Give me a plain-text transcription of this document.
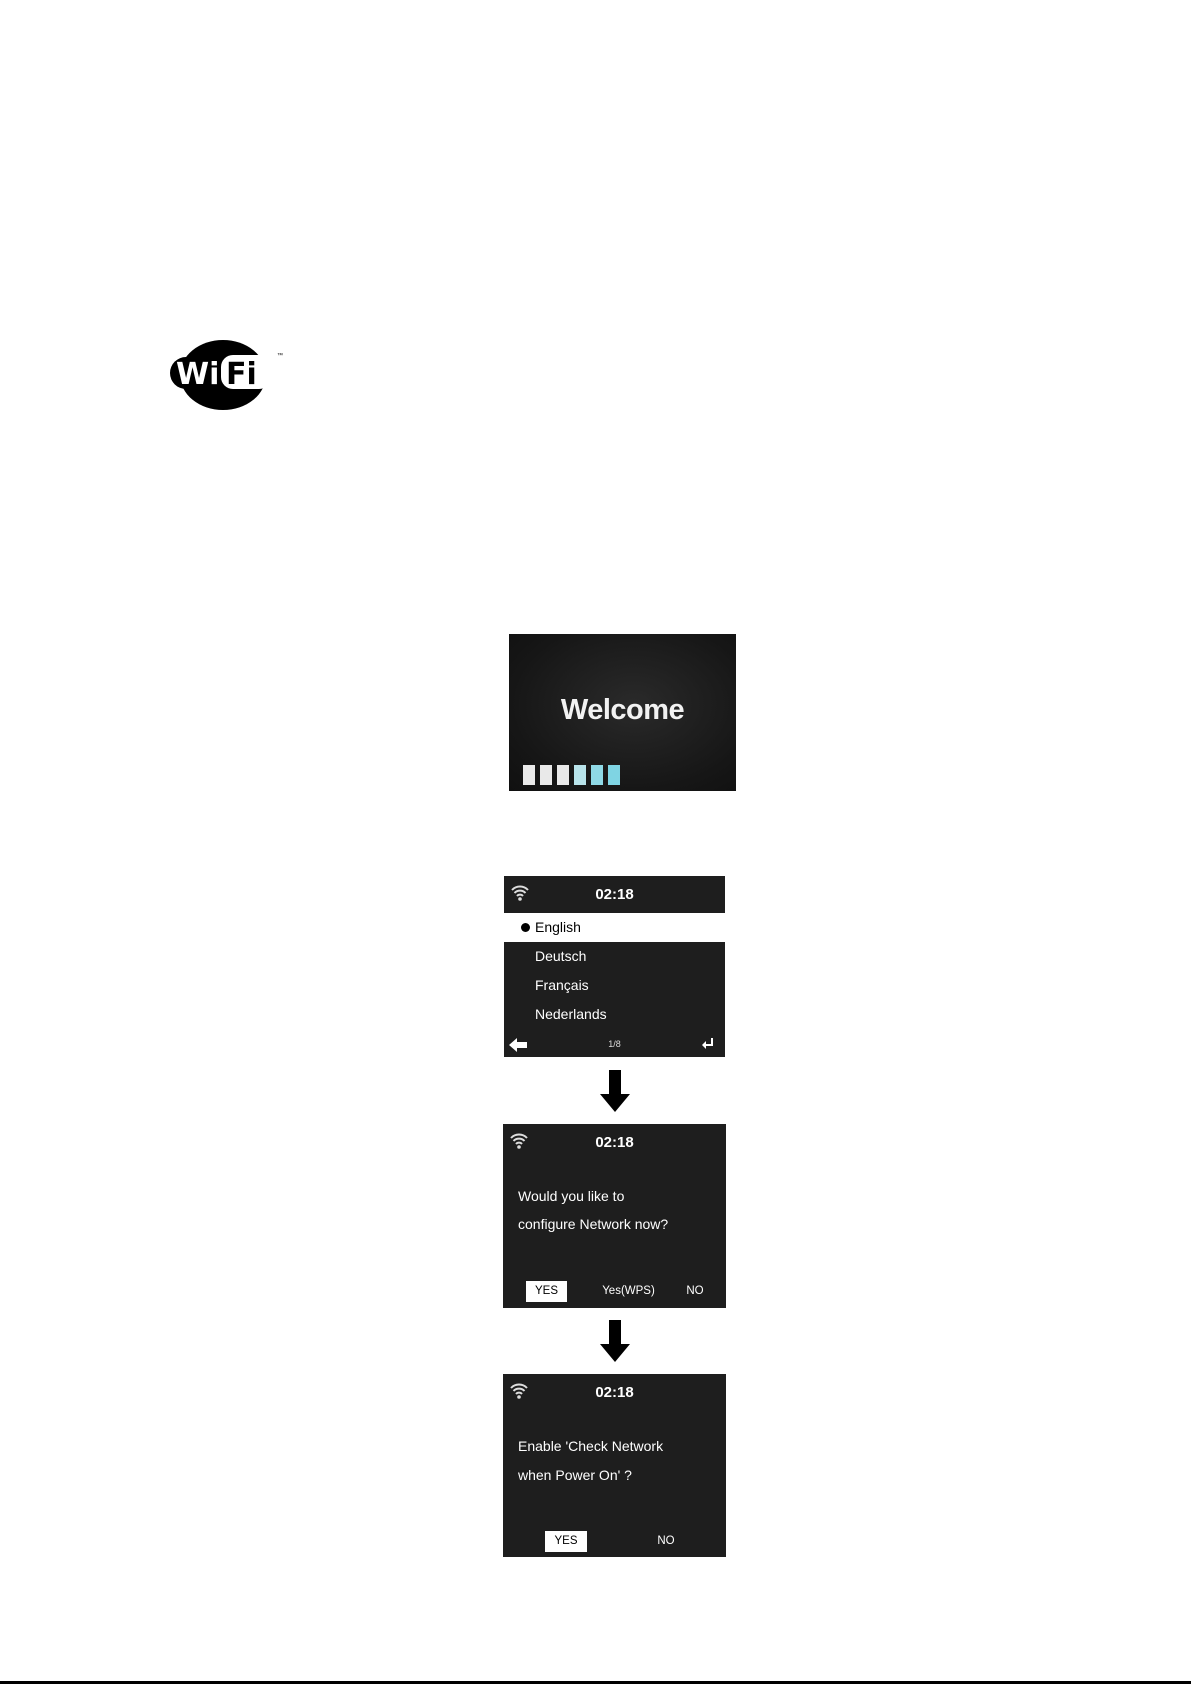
Wi Fi
™
Welcome
02:18
English
Deutsch
Français
Nederlands
1/8
02:18
Would you like to
configure Network now?
YES	Yes(WPS)	NO
02:18
Enable 'Check Network
when Power On' ?
YES	NO
